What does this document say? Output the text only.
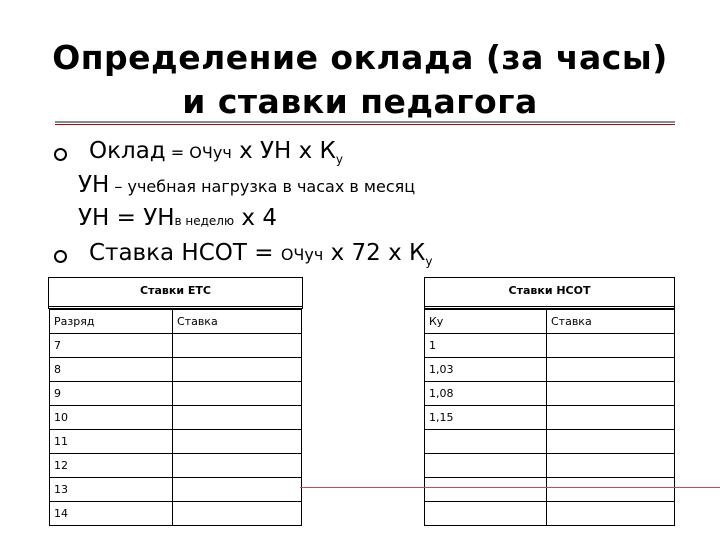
Определение оклада (за часы)
и ставки педагога
Оклад = ОЧуч х УН х $К_у$
УН – учебная нагрузка в часах в месяц
УН = УНв неделю х 4
Ставка НСОТ = ОЧуч х 72 х $К_у$
Ставки ЕТС
Разряд	Ставка
7	
8	
9	
10	
11	
12	
13	
14	
Ставки НСОТ
Ку	Ставка
1	
1,03	
1,08	
1,15	
